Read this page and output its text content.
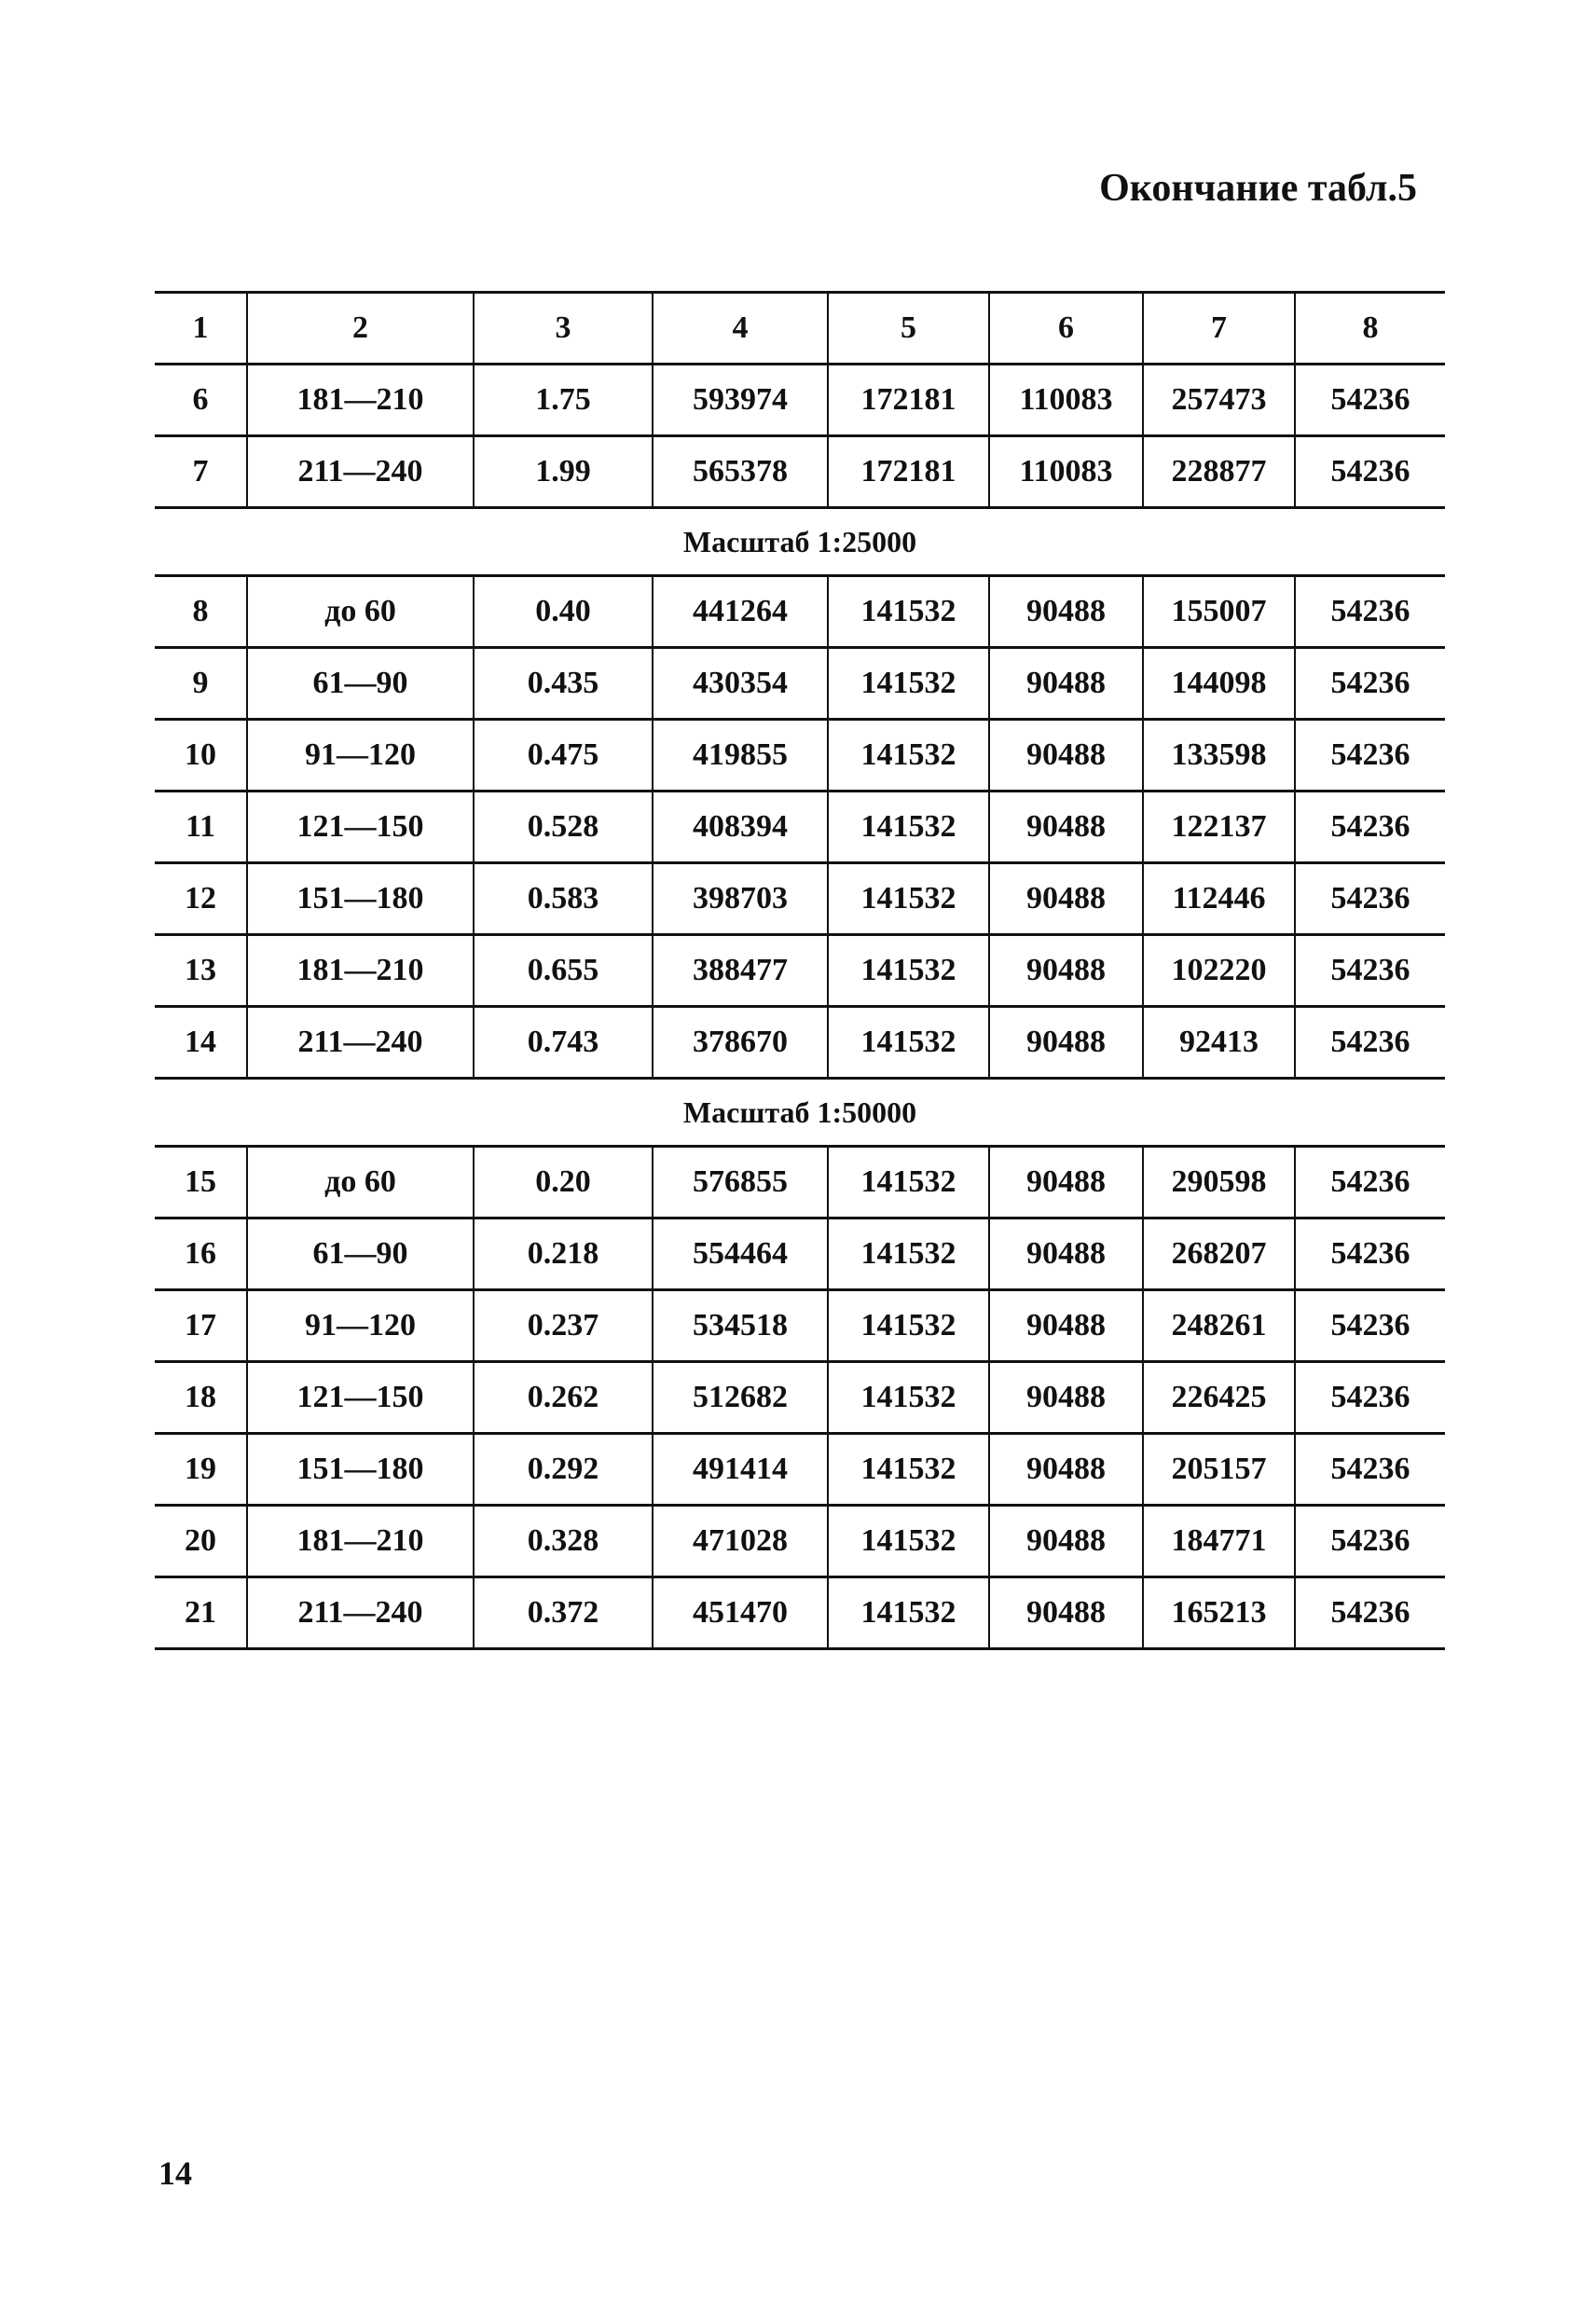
Окончание табл.5
1	2	3	4	5	6	7	8
6	181—210	1.75	593974	172181	110083	257473	54236
7	211—240	1.99	565378	172181	110083	228877	54236
Масштаб 1:25000							
8	до 60	0.40	441264	141532	90488	155007	54236
9	61—90	0.435	430354	141532	90488	144098	54236
10	91—120	0.475	419855	141532	90488	133598	54236
11	121—150	0.528	408394	141532	90488	122137	54236
12	151—180	0.583	398703	141532	90488	112446	54236
13	181—210	0.655	388477	141532	90488	102220	54236
14	211—240	0.743	378670	141532	90488	92413	54236
Масштаб 1:50000							
15	до 60	0.20	576855	141532	90488	290598	54236
16	61—90	0.218	554464	141532	90488	268207	54236
17	91—120	0.237	534518	141532	90488	248261	54236
18	121—150	0.262	512682	141532	90488	226425	54236
19	151—180	0.292	491414	141532	90488	205157	54236
20	181—210	0.328	471028	141532	90488	184771	54236
21	211—240	0.372	451470	141532	90488	165213	54236
14
